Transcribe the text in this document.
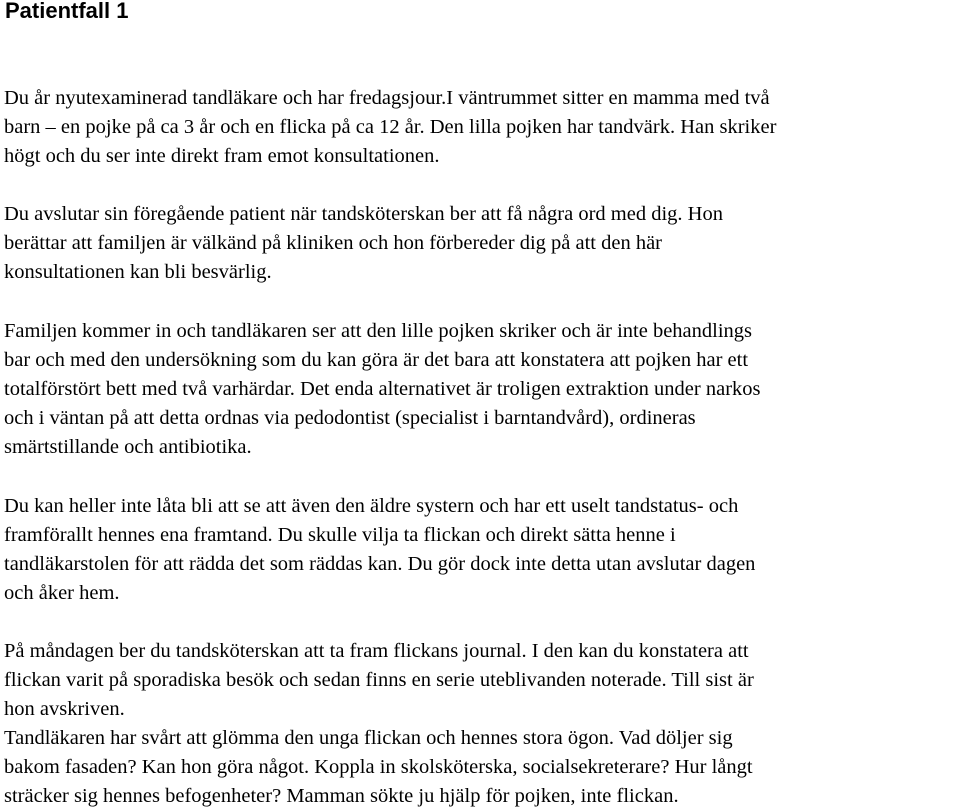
Patientfall 1
Du år nyutexaminerad tandläkare och har fredagsjour.I väntrummet sitter en mamma med två
barn – en pojke på ca 3 år och en flicka på ca 12 år. Den lilla pojken har tandvärk. Han skriker
högt och du ser inte direkt fram emot konsultationen.
Du avslutar sin föregående patient när tandsköterskan ber att få några ord med dig. Hon
berättar att familjen är välkänd på kliniken och hon förbereder dig på att den här
konsultationen kan bli besvärlig.
Familjen kommer in och tandläkaren ser att den lille pojken skriker och är inte behandlings
bar och med den undersökning som du kan göra är det bara att konstatera att pojken har ett
totalförstört bett med två varhärdar. Det enda alternativet är troligen extraktion under narkos
och i väntan på att detta ordnas via pedodontist (specialist i barntandvård), ordineras
smärtstillande och antibiotika.
Du kan heller inte låta bli att se att även den äldre systern och har ett uselt tandstatus- och
framförallt hennes ena framtand. Du skulle vilja ta flickan och direkt sätta henne i
tandläkarstolen för att rädda det som räddas kan. Du gör dock inte detta utan avslutar dagen
och åker hem.
På måndagen ber du tandsköterskan att ta fram flickans journal. I den kan du konstatera att
flickan varit på sporadiska besök och sedan finns en serie uteblivanden noterade. Till sist är
hon avskriven.
Tandläkaren har svårt att glömma den unga flickan och hennes stora ögon. Vad döljer sig
bakom fasaden? Kan hon göra något. Koppla in skolsköterska, socialsekreterare? Hur långt
sträcker sig hennes befogenheter? Mamman sökte ju hjälp för pojken, inte flickan.
